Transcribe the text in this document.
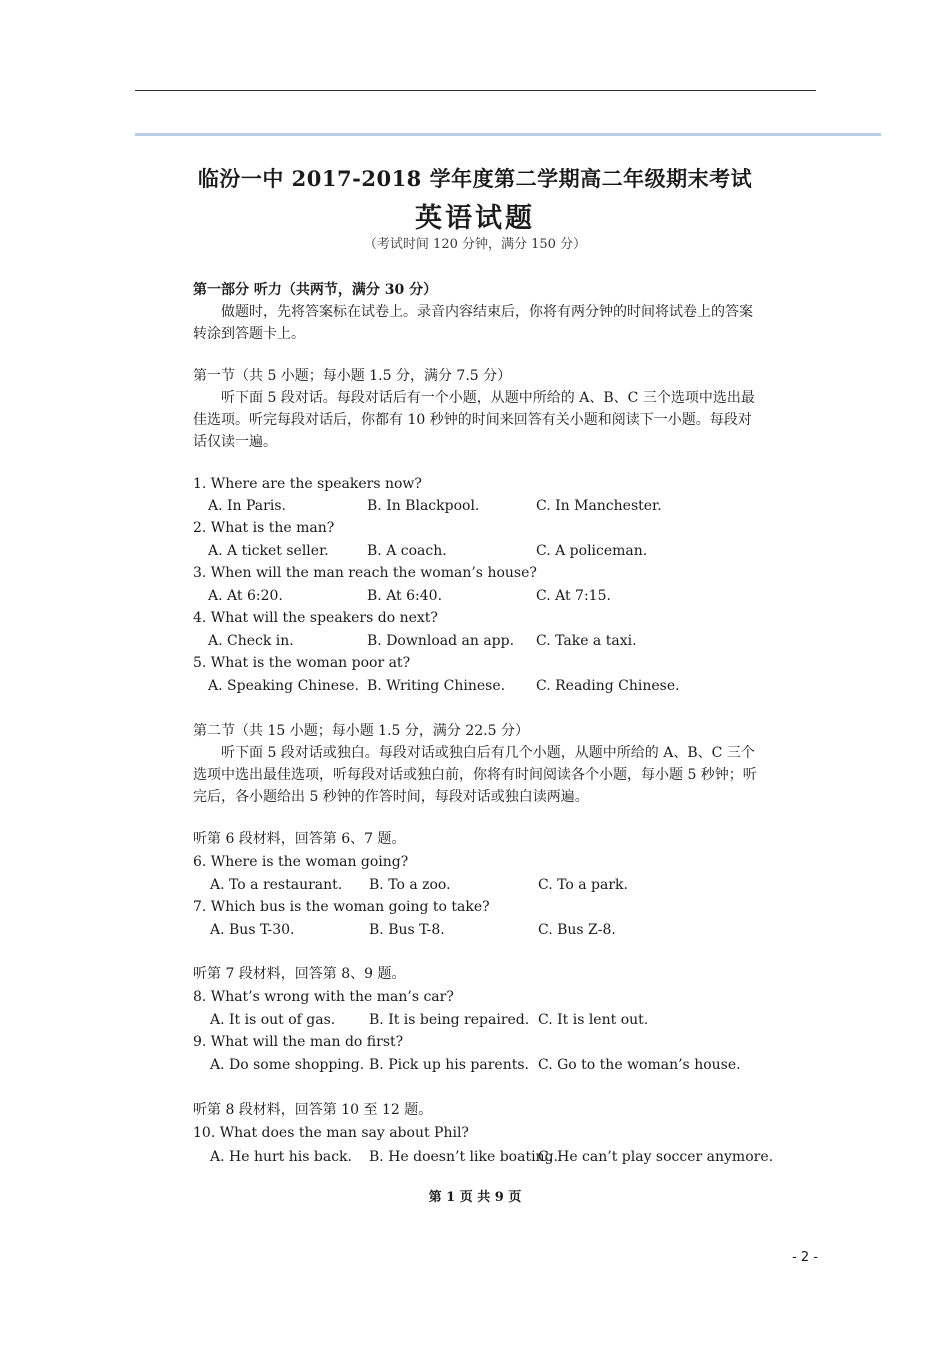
临汾一中 2017-2018 学年度第二学期高二年级期末考试
英语试题
（考试时间 120 分钟，满分 150 分）
第一部分 听力（共两节，满分 30 分）
做题时，先将答案标在试卷上。录音内容结束后，你将有两分钟的时间将试卷上的答案转涂到答题卡上。
第一节（共 5 小题；每小题 1.5 分，满分 7.5 分）
听下面 5 段对话。每段对话后有一个小题，从题中所给的 A、B、C 三个选项中选出最佳选项。听完每段对话后，你都有 10 秒钟的时间来回答有关小题和阅读下一小题。每段对话仅读一遍。
1. Where are the speakers now?
A. In Paris.	B. In Blackpool.	C. In Manchester.
2. What is the man?
A. A ticket seller.	B. A coach.	C. A policeman.
3. When will the man reach the woman’s house?
A. At 6:20.	B. At 6:40.	C. At 7:15.
4. What will the speakers do next?
A. Check in.	B. Download an app. C. Take a taxi.
5. What is the woman poor at?
A. Speaking Chinese. B. Writing Chinese. C. Reading Chinese.
第二节（共 15 小题；每小题 1.5 分，满分 22.5 分）
听下面 5 段对话或独白。每段对话或独白后有几个小题，从题中所给的 A、B、C 三个选项中选出最佳选项，听每段对话或独白前，你将有时间阅读各个小题，每小题 5 秒钟；听完后，各小题给出 5 秒钟的作答时间，每段对话或独白读两遍。
听第 6 段材料，回答第 6、7 题。
6. Where is the woman going?
A. To a restaurant. B. To a zoo.	C. To a park.
7. Which bus is the woman going to take?
A. Bus T-30.	B. Bus T-8.	C. Bus Z-8.
听第 7 段材料，回答第 8、9 题。
8. What’s wrong with the man’s car?
A. It is out of gas. B. It is being repaired. C. It is lent out.
9. What will the man do first?
A. Do some shopping. B. Pick up his parents. C. Go to the woman’s house.
听第 8 段材料，回答第 10 至 12 题。
10. What does the man say about Phil?
A. He hurt his back. B. He doesn’t like boating.
C. He can’t play soccer anymore.
第 1 页 共 9 页
- 2 -
